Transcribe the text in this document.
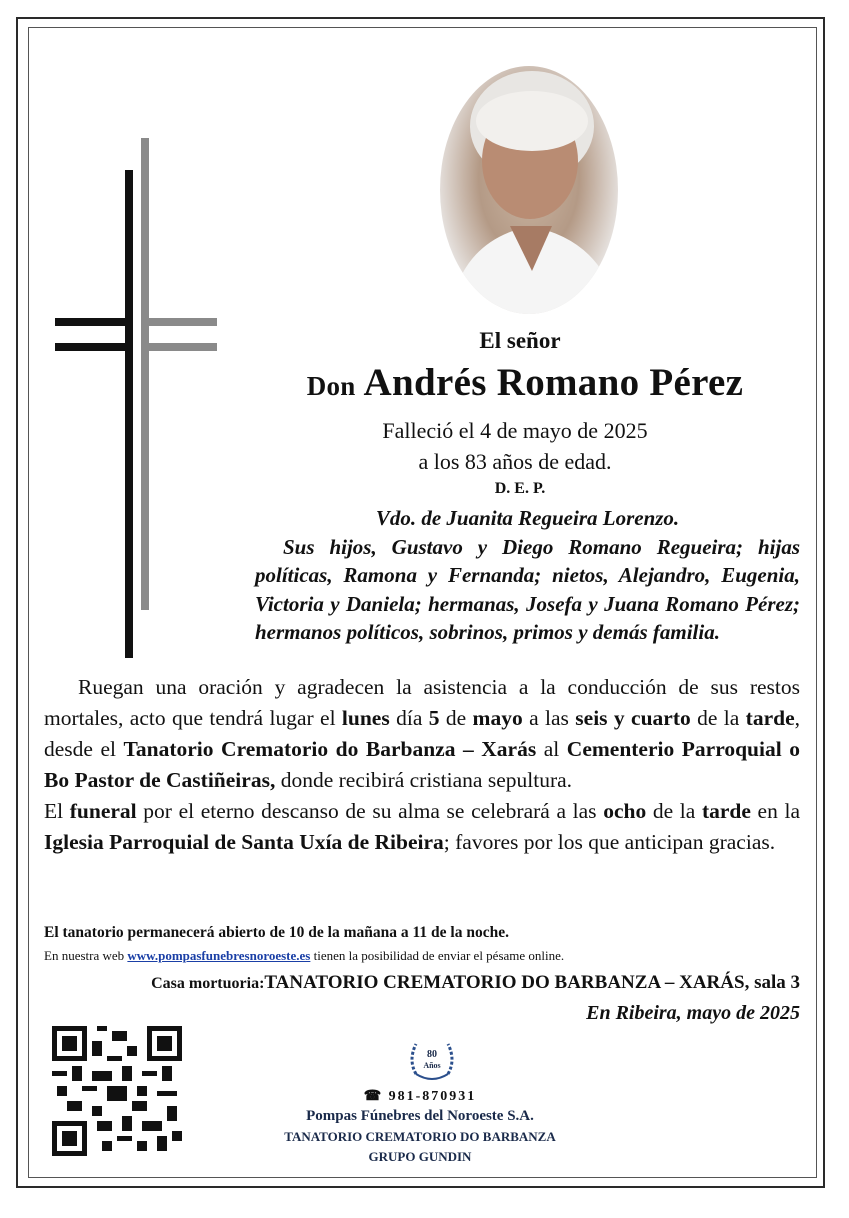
El señor
Don Andrés Romano Pérez
Falleció el 4 de mayo de 2025
a los 83 años de edad.
D. E. P.

Vdo. de Juanita Regueira Lorenzo.

Sus hijos, Gustavo y Diego Romano Regueira; hijas políticas, Ramona y Fernanda; nietos, Alejandro, Eugenia, Victoria y Daniela; hermanas, Josefa y Juana Romano Pérez; hermanos políticos, sobrinos, primos y demás familia.

Ruegan una oración y agradecen la asistencia a la conducción de sus restos mortales, acto que tendrá lugar el lunes día 5 de mayo a las seis y cuarto de la tarde, desde el Tanatorio Crematorio do Barbanza – Xarás al Cementerio Parroquial o Bo Pastor de Castiñeiras, donde recibirá cristiana sepultura.

El funeral por el eterno descanso de su alma se celebrará a las ocho de la tarde en la Iglesia Parroquial de Santa Uxía de Ribeira; favores por los que anticipan gracias.

El tanatorio permanecerá abierto de 10 de la mañana a 11 de la noche.
En nuestra web www.pompasfunebresnoroeste.es tienen la posibilidad de enviar el pésame online.
Casa mortuoria:TANATORIO CREMATORIO DO BARBANZA – XARÁS, sala 3
En Ribeira, mayo de 2025
80
Años
☎ 981-870931
Pompas Fúnebres del Noroeste S.A.
TANATORIO CREMATORIO DO BARBANZA
GRUPO GUNDIN
